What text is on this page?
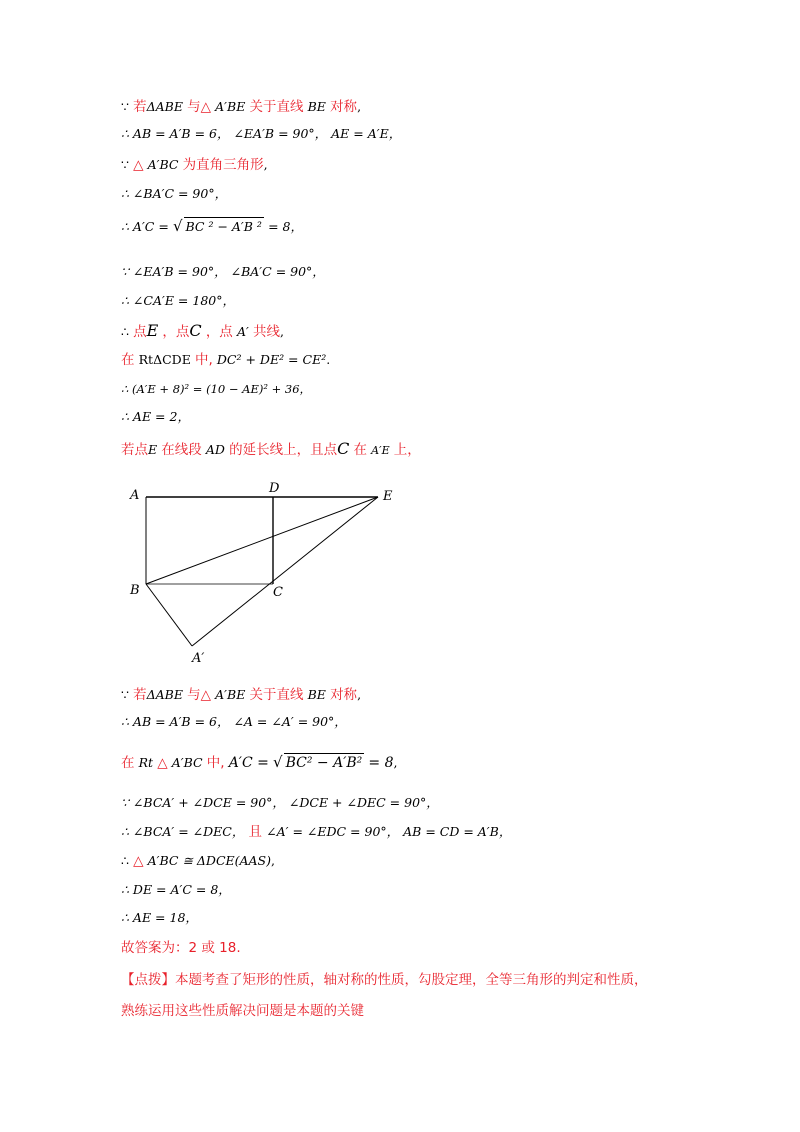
∵ 若ΔABE 与△ A′BE 关于直线 BE 对称,
∴ AB = A′B = 6， ∠EA′B = 90°， AE = A′E，
∵ △ A′BC 为直角三角形,
∴ ∠BA′C = 90°，
∴ A′C = √ BC ² − A′B ² = 8，
∵ ∠EA′B = 90°， ∠BA′C = 90°，
∴ ∠CA′E = 180°，
∴ 点E ，点C ，点 A′ 共线,
在 RtΔCDE 中, DC² + DE² = CE².
∴ (A′E + 8)² = (10 − AE)² + 36，
∴ AE = 2，
若点E 在线段 AD 的延长线上，且点C 在 A′E 上，
A	D
E
B	C
A′
∵ 若ΔABE 与△ A′BE 关于直线 BE 对称,
∴ AB = A′B = 6， ∠A = ∠A′ = 90°，
在 Rt △ A′BC 中, A′C = √ BC² − A′B² = 8,
∵ ∠BCA′ + ∠DCE = 90°， ∠DCE + ∠DEC = 90°，
∴ ∠BCA′ = ∠DEC， 且 ∠A′ = ∠EDC = 90°， AB = CD = A′B，
∴ △ A′BC ≅ ΔDCE(AAS),
∴ DE = A′C = 8，
∴ AE = 18，
故答案为：2 或 18.
【点拨】本题考查了矩形的性质，轴对称的性质，勾股定理，全等三角形的判定和性质，
熟练运用这些性质解决问题是本题的关键
